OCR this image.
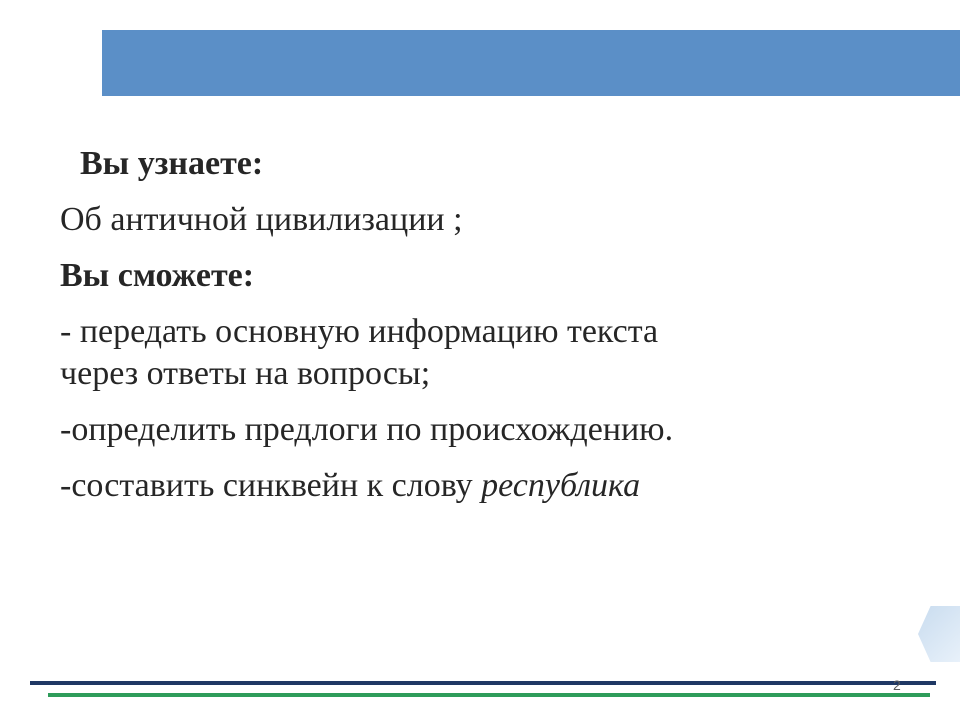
Вы узнаете:

Об античной цивилизации ;

Вы сможете:

- передать основную информацию текста

через ответы на вопросы;

-определить предлоги по происхождению.

-составить синквейн к слову республика

2
